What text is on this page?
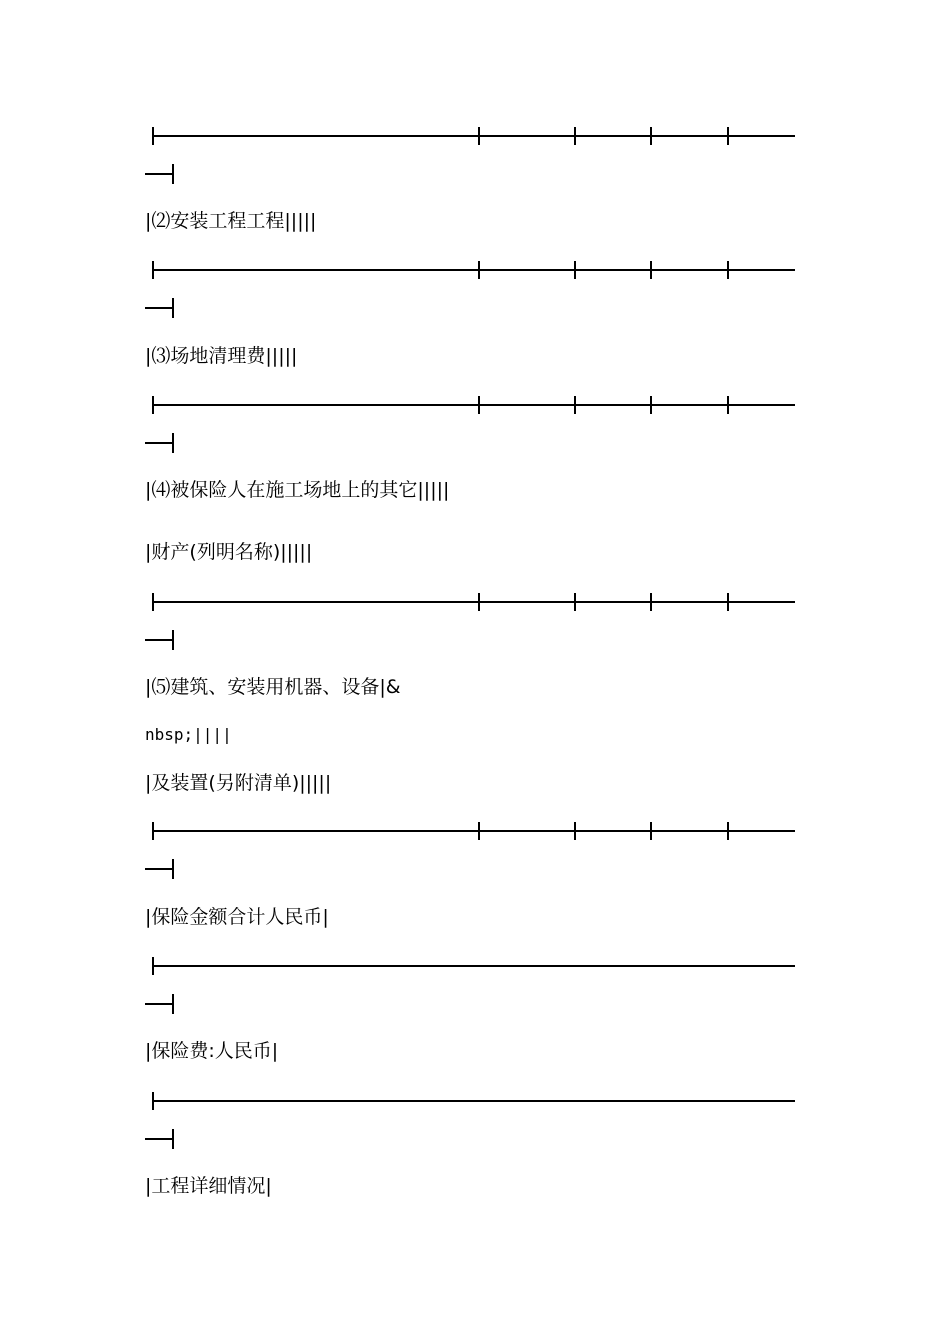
|⑵安装工程工程|||||

|⑶场地清理费|||||

|⑷被保险人在施工场地上的其它|||||

|财产(列明名称)|||||

|⑸建筑、安装用机器、设备|&

nbsp;||||

|及装置(另附清单)|||||

|保险金额合计人民币|

|保险费:人民币|

|工程详细情况|
